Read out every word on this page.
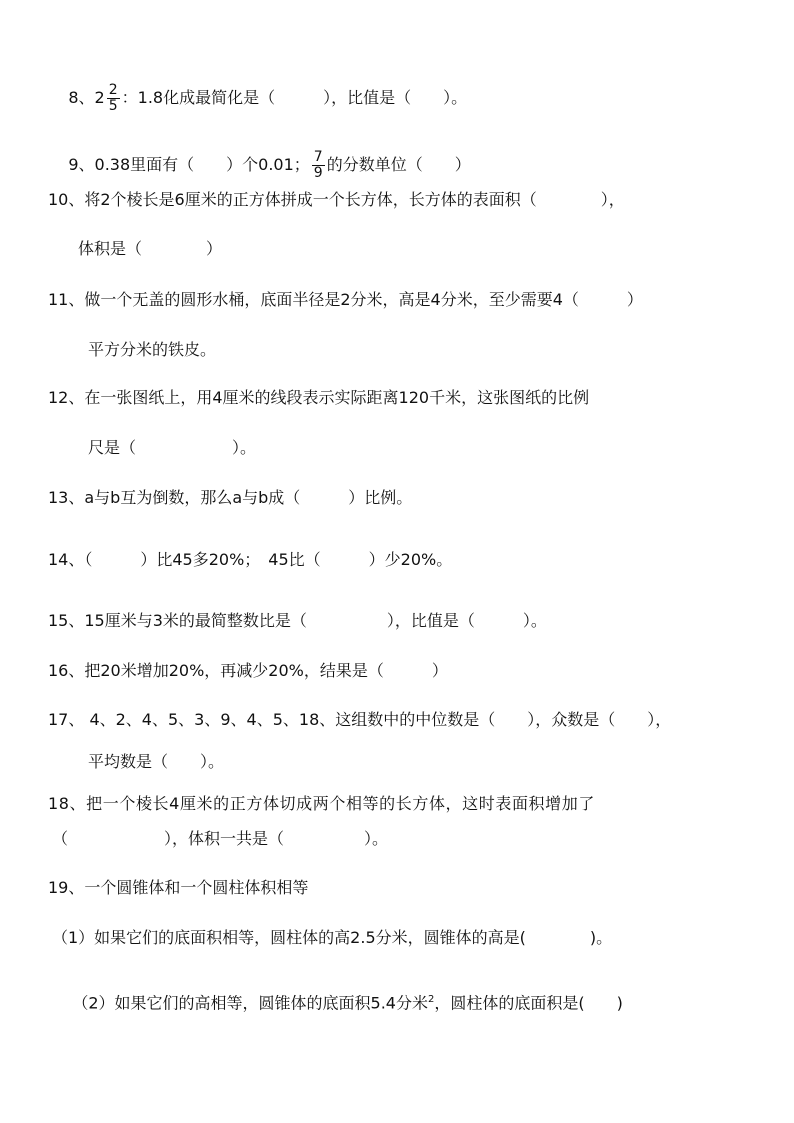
8、$2 \frac{2}{5}$ ：1.8化成最简化是（　　　），比值是（　　）。

9、0.38里面有（　　）个0.01； $\frac{7}{9}$ 的分数单位（　　）

10、将2个棱长是6厘米的正方体拼成一个长方体，长方体的表面积（　　　　），
体积是（　　　　）
11、做一个无盖的圆形水桶，底面半径是2分米，高是4分米，至少需要4（　　　）
平方分米的铁皮。
12、在一张图纸上，用4厘米的线段表示实际距离120千米，这张图纸的比例
尺是（　　　　　　）。
13、a与b互为倒数，那么a与b成（　　　）比例。
14、（　　　）比45多20%；　45比（　　　）少20%。
15、15厘米与3米的最简整数比是（　　　　　），比值是（　　　）。
16、把20米增加20%，再减少20%，结果是（　　　）
17、 4、2、4、5、3、9、4、5、18、这组数中的中位数是（　　），众数是（　　），
平均数是（　　）。
18、把一个棱长4厘米的正方体切成两个相等的长方体，这时表面积增加了
（　　　　　　），体积一共是（　　　　　）。
19、一个圆锥体和一个圆柱体积相等
（1）如果它们的底面积相等，圆柱体的高2.5分米，圆锥体的高是(　　　　)。

（2）如果它们的高相等，圆锥体的底面积5.4分米$^2$，圆柱体的底面积是(　　)
